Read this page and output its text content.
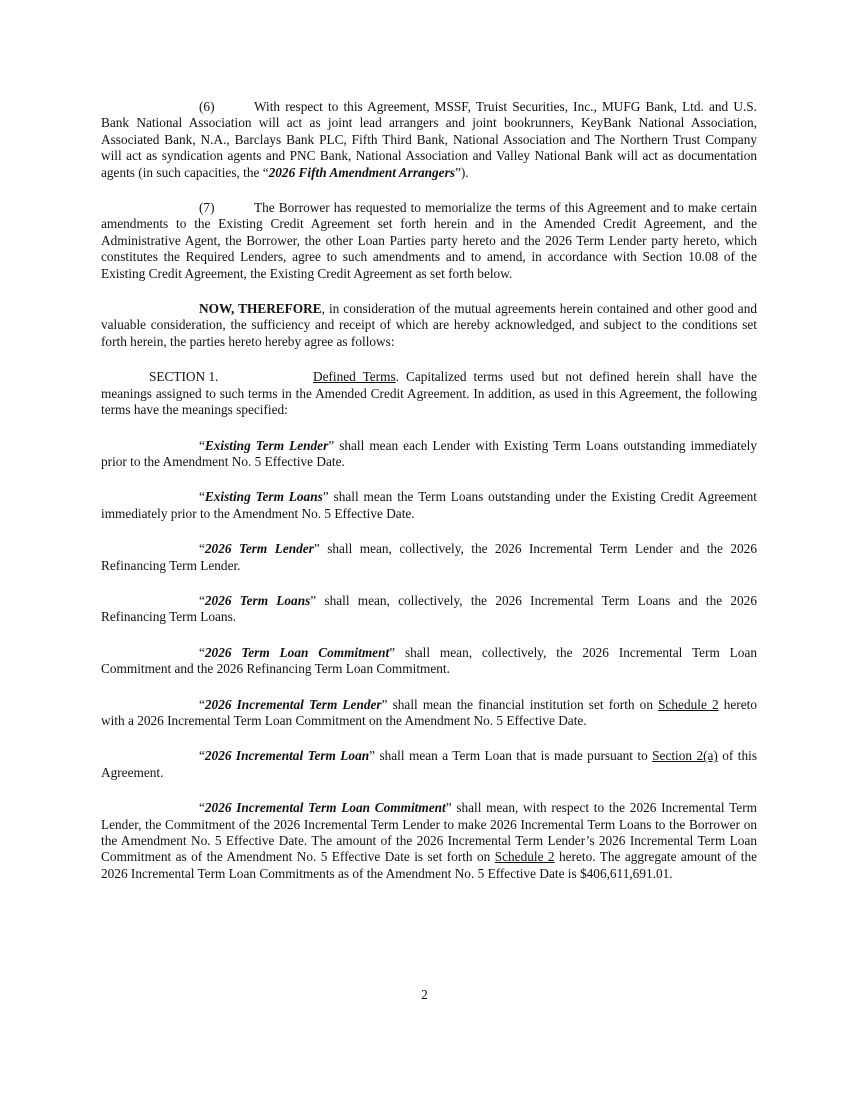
(6)	With respect to this Agreement, MSSF, Truist Securities, Inc., MUFG Bank, Ltd. and U.S. Bank National Association will act as joint lead arrangers and joint bookrunners, KeyBank National Association, Associated Bank, N.A., Barclays Bank PLC, Fifth Third Bank, National Association and The Northern Trust Company will act as syndication agents and PNC Bank, National Association and Valley National Bank will act as documentation agents (in such capacities, the “2026 Fifth Amendment Arrangers”).

(7)	The Borrower has requested to memorialize the terms of this Agreement and to make certain amendments to the Existing Credit Agreement set forth herein and in the Amended Credit Agreement, and the Administrative Agent, the Borrower, the other Loan Parties party hereto and the 2026 Term Lender party hereto, which constitutes the Required Lenders, agree to such amendments and to amend, in accordance with Section 10.08 of the Existing Credit Agreement, the Existing Credit Agreement as set forth below.

NOW, THEREFORE, in consideration of the mutual agreements herein contained and other good and valuable consideration, the sufficiency and receipt of which are hereby acknowledged, and subject to the conditions set forth herein, the parties hereto hereby agree as follows:

SECTION 1.	Defined Terms. Capitalized terms used but not defined herein shall have the meanings assigned to such terms in the Amended Credit Agreement. In addition, as used in this Agreement, the following terms have the meanings specified:

“Existing Term Lender” shall mean each Lender with Existing Term Loans outstanding immediately prior to the Amendment No. 5 Effective Date.

“Existing Term Loans” shall mean the Term Loans outstanding under the Existing Credit Agreement immediately prior to the Amendment No. 5 Effective Date.

“2026 Term Lender” shall mean, collectively, the 2026 Incremental Term Lender and the 2026 Refinancing Term Lender.

“2026 Term Loans” shall mean, collectively, the 2026 Incremental Term Loans and the 2026 Refinancing Term Loans.

“2026 Term Loan Commitment” shall mean, collectively, the 2026 Incremental Term Loan Commitment and the 2026 Refinancing Term Loan Commitment.

“2026 Incremental Term Lender” shall mean the financial institution set forth on Schedule 2 hereto with a 2026 Incremental Term Loan Commitment on the Amendment No. 5 Effective Date.

“2026 Incremental Term Loan” shall mean a Term Loan that is made pursuant to Section 2(a) of this Agreement.

“2026 Incremental Term Loan Commitment” shall mean, with respect to the 2026 Incremental Term Lender, the Commitment of the 2026 Incremental Term Lender to make 2026 Incremental Term Loans to the Borrower on the Amendment No. 5 Effective Date. The amount of the 2026 Incremental Term Lender’s 2026 Incremental Term Loan Commitment as of the Amendment No. 5 Effective Date is set forth on Schedule 2 hereto. The aggregate amount of the 2026 Incremental Term Loan Commitments as of the Amendment No. 5 Effective Date is $406,611,691.01.

2
